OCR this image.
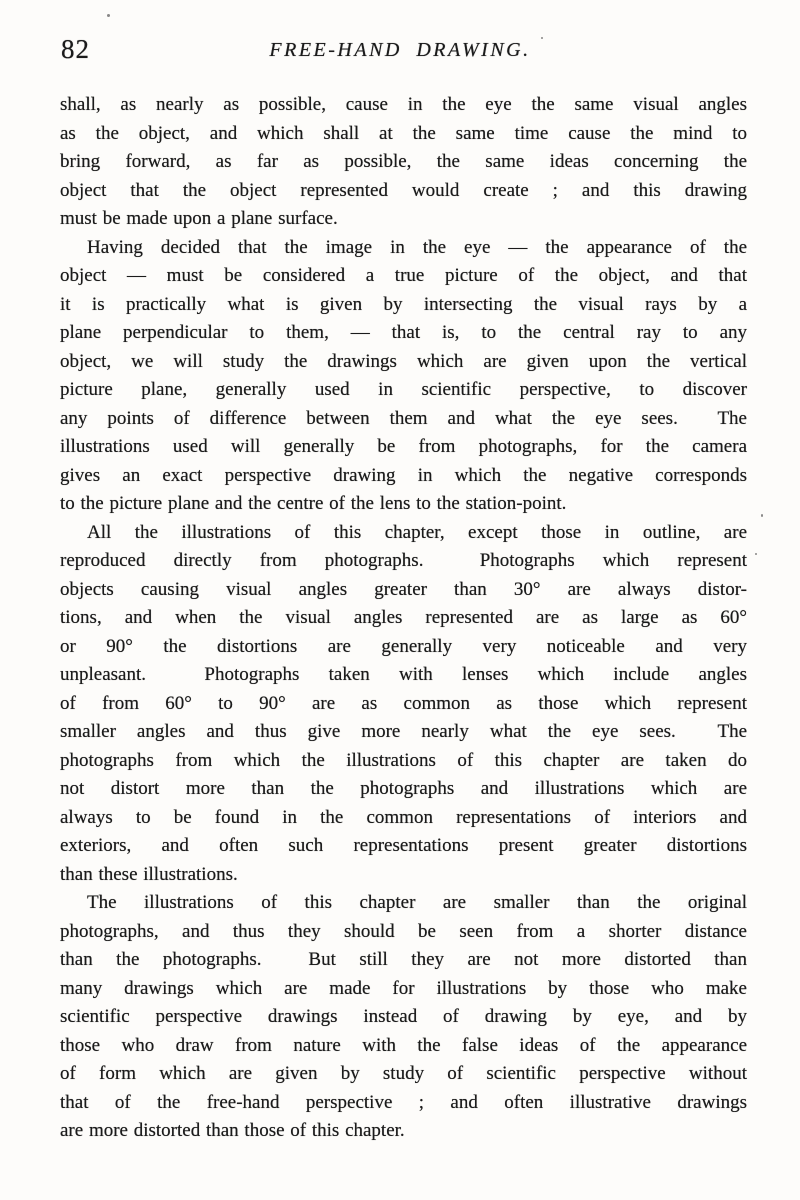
82	FREE-HAND DRAWING.
shall, as nearly as possible, cause in the eye the same visual angles
as the object, and which shall at the same time cause the mind to
bring forward, as far as possible, the same ideas concerning the
object that the object represented would create ; and this drawing
must be made upon a plane surface.
Having decided that the image in the eye — the appearance of the
object — must be considered a true picture of the object, and that
it is practically what is given by intersecting the visual rays by a
plane perpendicular to them, — that is, to the central ray to any
object, we will study the drawings which are given upon the vertical
picture plane, generally used in scientific perspective, to discover
any points of difference between them and what the eye sees.  The
illustrations used will generally be from photographs, for the camera
gives an exact perspective drawing in which the negative corresponds
to the picture plane and the centre of the lens to the station-point.
All the illustrations of this chapter, except those in outline, are
reproduced directly from photographs.  Photographs which represent
objects causing visual angles greater than 30° are always distor-
tions, and when the visual angles represented are as large as 60°
or 90° the distortions are generally very noticeable and very
unpleasant.  Photographs taken with lenses which include angles
of from 60° to 90° are as common as those which represent
smaller angles and thus give more nearly what the eye sees.  The
photographs from which the illustrations of this chapter are taken do
not distort more than the photographs and illustrations which are
always to be found in the common representations of interiors and
exteriors, and often such representations present greater distortions
than these illustrations.
The illustrations of this chapter are smaller than the original
photographs, and thus they should be seen from a shorter distance
than the photographs.  But still they are not more distorted than
many drawings which are made for illustrations by those who make
scientific perspective drawings instead of drawing by eye, and by
those who draw from nature with the false ideas of the appearance
of form which are given by study of scientific perspective without
that of the free-hand perspective ; and often illustrative drawings
are more distorted than those of this chapter.
